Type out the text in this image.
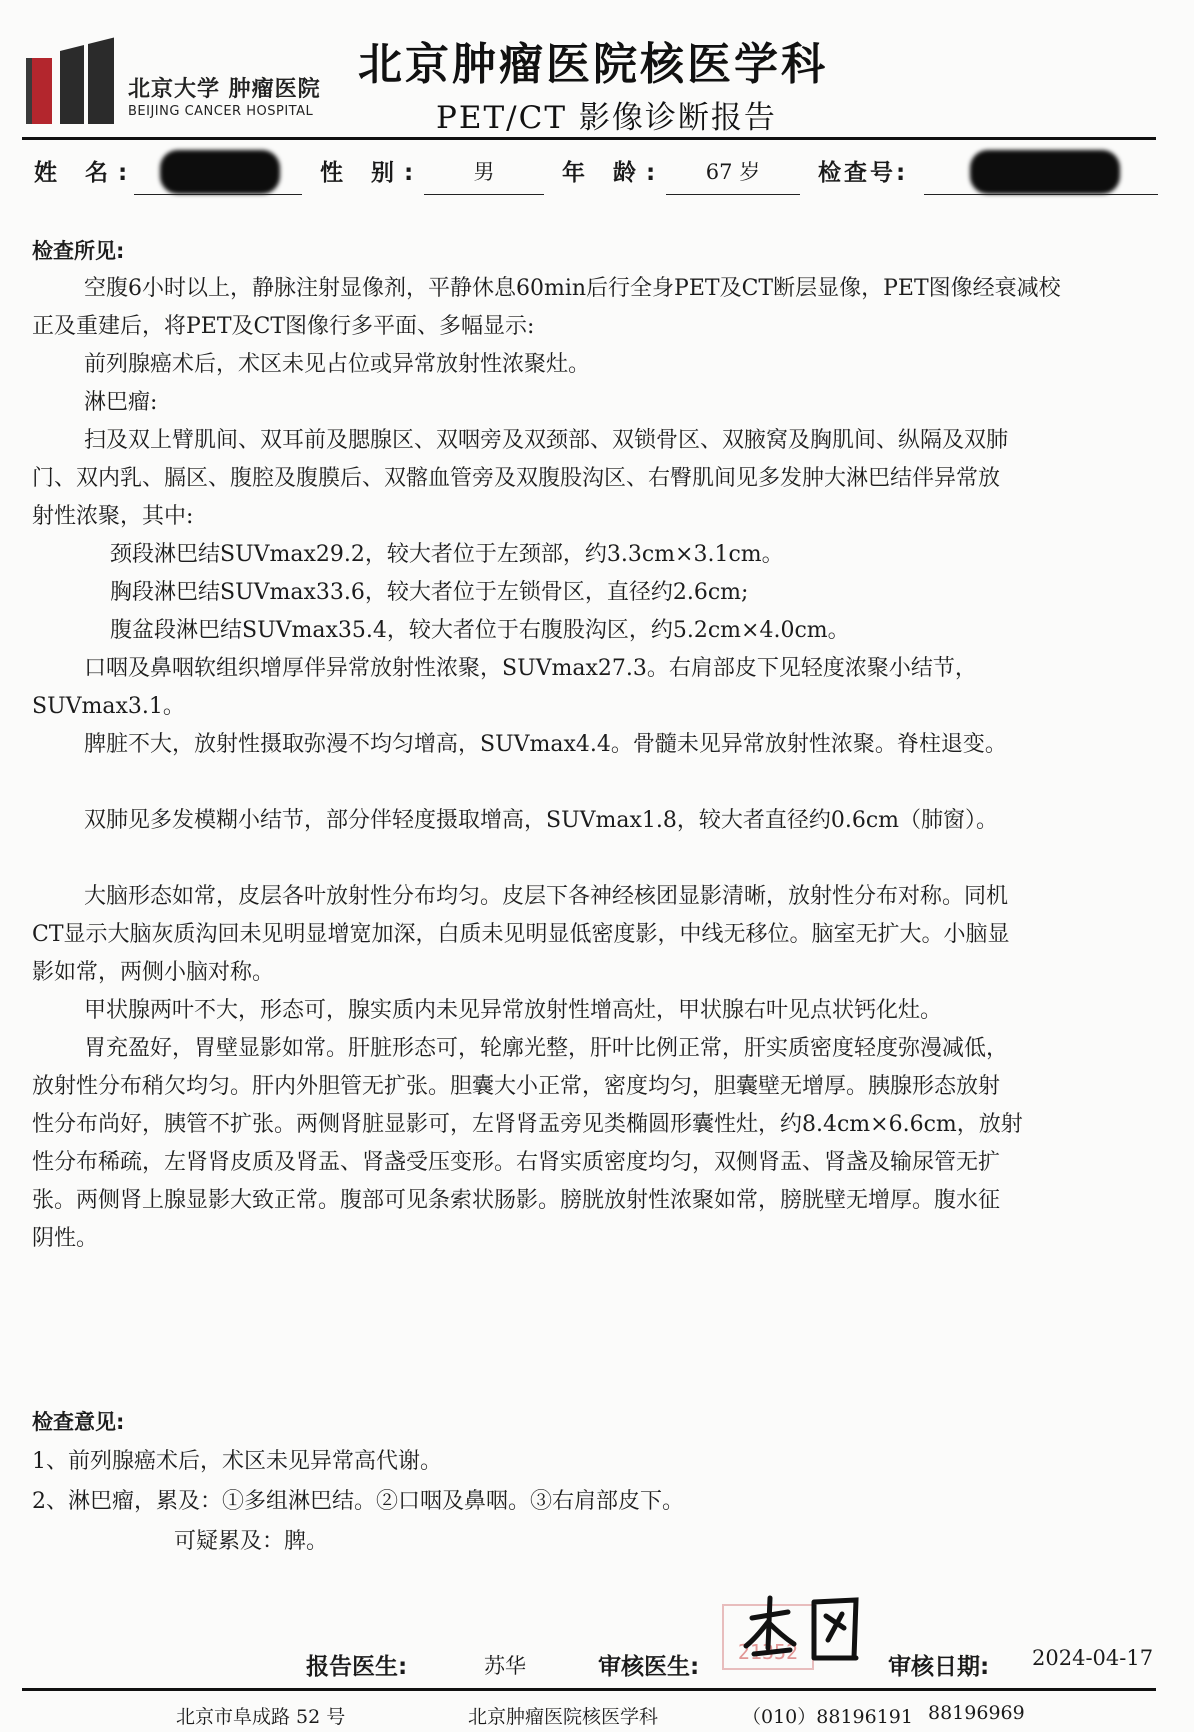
北京大学 肿瘤医院
BEIJING CANCER HOSPITAL
北京肿瘤医院核医学科
PET/CT 影像诊断报告
姓 名:	性 别:	男	年 龄:	67 岁	检查号:

检查所见:

空腹6小时以上，静脉注射显像剂，平静休息60min后行全身PET及CT断层显像，PET图像经衰减校

正及重建后，将PET及CT图像行多平面、多幅显示:

前列腺癌术后，术区未见占位或异常放射性浓聚灶。

淋巴瘤:

扫及双上臂肌间、双耳前及腮腺区、双咽旁及双颈部、双锁骨区、双腋窝及胸肌间、纵隔及双肺

门、双内乳、膈区、腹腔及腹膜后、双髂血管旁及双腹股沟区、右臀肌间见多发肿大淋巴结伴异常放

射性浓聚，其中:

颈段淋巴结SUVmax29.2，较大者位于左颈部，约3.3cm×3.1cm。

胸段淋巴结SUVmax33.6，较大者位于左锁骨区，直径约2.6cm;

腹盆段淋巴结SUVmax35.4，较大者位于右腹股沟区，约5.2cm×4.0cm。

口咽及鼻咽软组织增厚伴异常放射性浓聚，SUVmax27.3。右肩部皮下见轻度浓聚小结节，

SUVmax3.1。

脾脏不大，放射性摄取弥漫不均匀增高，SUVmax4.4。骨髓未见异常放射性浓聚。脊柱退变。

双肺见多发模糊小结节，部分伴轻度摄取增高，SUVmax1.8，较大者直径约0.6cm（肺窗）。

大脑形态如常，皮层各叶放射性分布均匀。皮层下各神经核团显影清晰，放射性分布对称。同机

CT显示大脑灰质沟回未见明显增宽加深，白质未见明显低密度影，中线无移位。脑室无扩大。小脑显

影如常，两侧小脑对称。

甲状腺两叶不大，形态可，腺实质内未见异常放射性增高灶，甲状腺右叶见点状钙化灶。

胃充盈好，胃壁显影如常。肝脏形态可，轮廓光整，肝叶比例正常，肝实质密度轻度弥漫减低，

放射性分布稍欠均匀。肝内外胆管无扩张。胆囊大小正常，密度均匀，胆囊壁无增厚。胰腺形态放射

性分布尚好，胰管不扩张。两侧肾脏显影可，左肾肾盂旁见类椭圆形囊性灶，约8.4cm×6.6cm，放射

性分布稀疏，左肾肾皮质及肾盂、肾盏受压变形。右肾实质密度均匀，双侧肾盂、肾盏及输尿管无扩

张。两侧肾上腺显影大致正常。腹部可见条索状肠影。膀胱放射性浓聚如常，膀胱壁无增厚。腹水征

阴性。

检查意见:

1、前列腺癌术后，术区未见异常高代谢。

2、淋巴瘤，累及：①多组淋巴结。②口咽及鼻咽。③右肩部皮下。

可疑累及：脾。

报告医生:	苏华	审核医生:
21352
审核日期: 2024-04-17
北京市阜成路 52 号	北京肿瘤医院核医学科	（010）88196191 88196969
